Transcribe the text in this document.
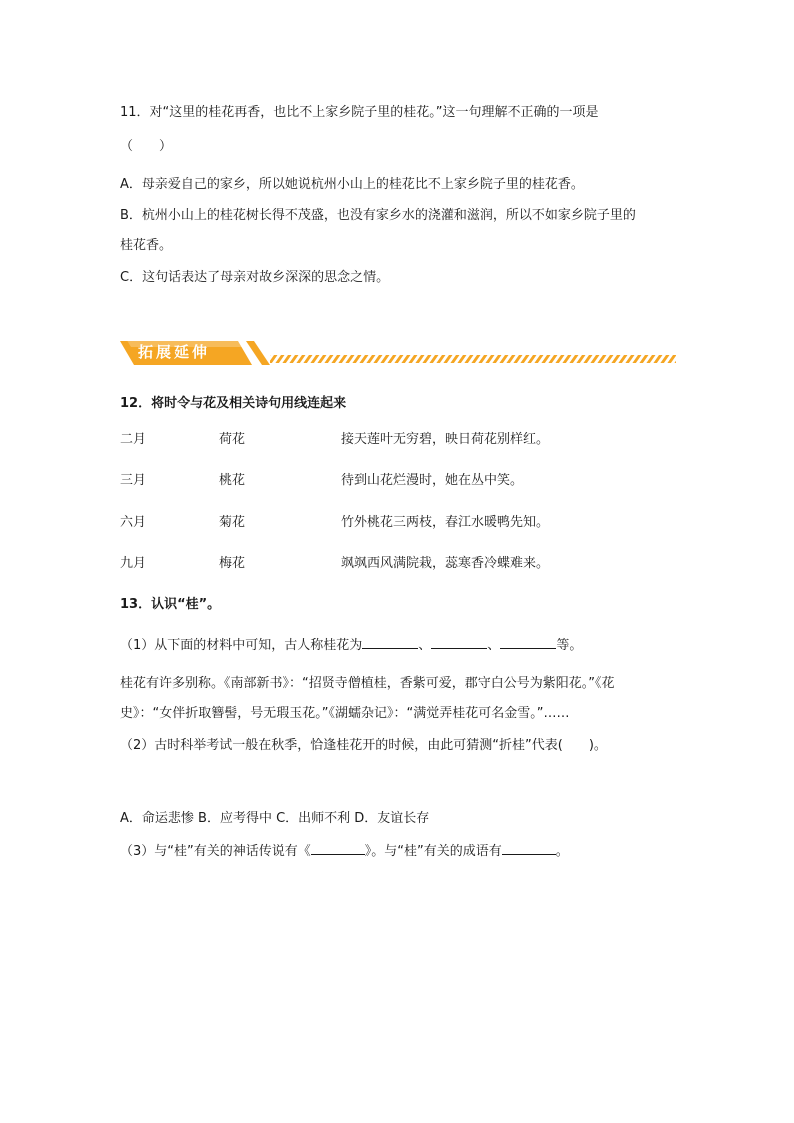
11．对“这里的桂花再香，也比不上家乡院子里的桂花。”这一句理解不正确的一项是
（　　）
A．母亲爱自己的家乡，所以她说杭州小山上的桂花比不上家乡院子里的桂花香。
B．杭州小山上的桂花树长得不茂盛，也没有家乡水的浇灌和滋润，所以不如家乡院子里的
桂花香。
C．这句话表达了母亲对故乡深深的思念之情。
拓展延伸
12．将时令与花及相关诗句用线连起来
二月	荷花	接天莲叶无穷碧，映日荷花别样红。
三月	桃花	待到山花烂漫时，她在丛中笑。
六月	菊花	竹外桃花三两枝，春江水暖鸭先知。
九月	梅花	飒飒西风满院栽，蕊寒香冷蝶难来。
13．认识“桂”。
（1）从下面的材料中可知，古人称桂花为	、	、	等。
桂花有许多别称。《南部新书》：“招贤寺僧植桂，香紫可爱，郡守白公号为紫阳花。”《花
史》：“女伴折取簪髻，号无瑕玉花。”《湖蠕杂记》：“满觉弄桂花可名金雪。”……
（2）古时科举考试一般在秋季，恰逢桂花开的时候，由此可猜测“折桂”代表(　　)。
A．命运悲惨 B．应考得中 C．出师不利 D．友谊长存
（3）与“桂”有关的神话传说有《	》。与“桂”有关的成语有	。
